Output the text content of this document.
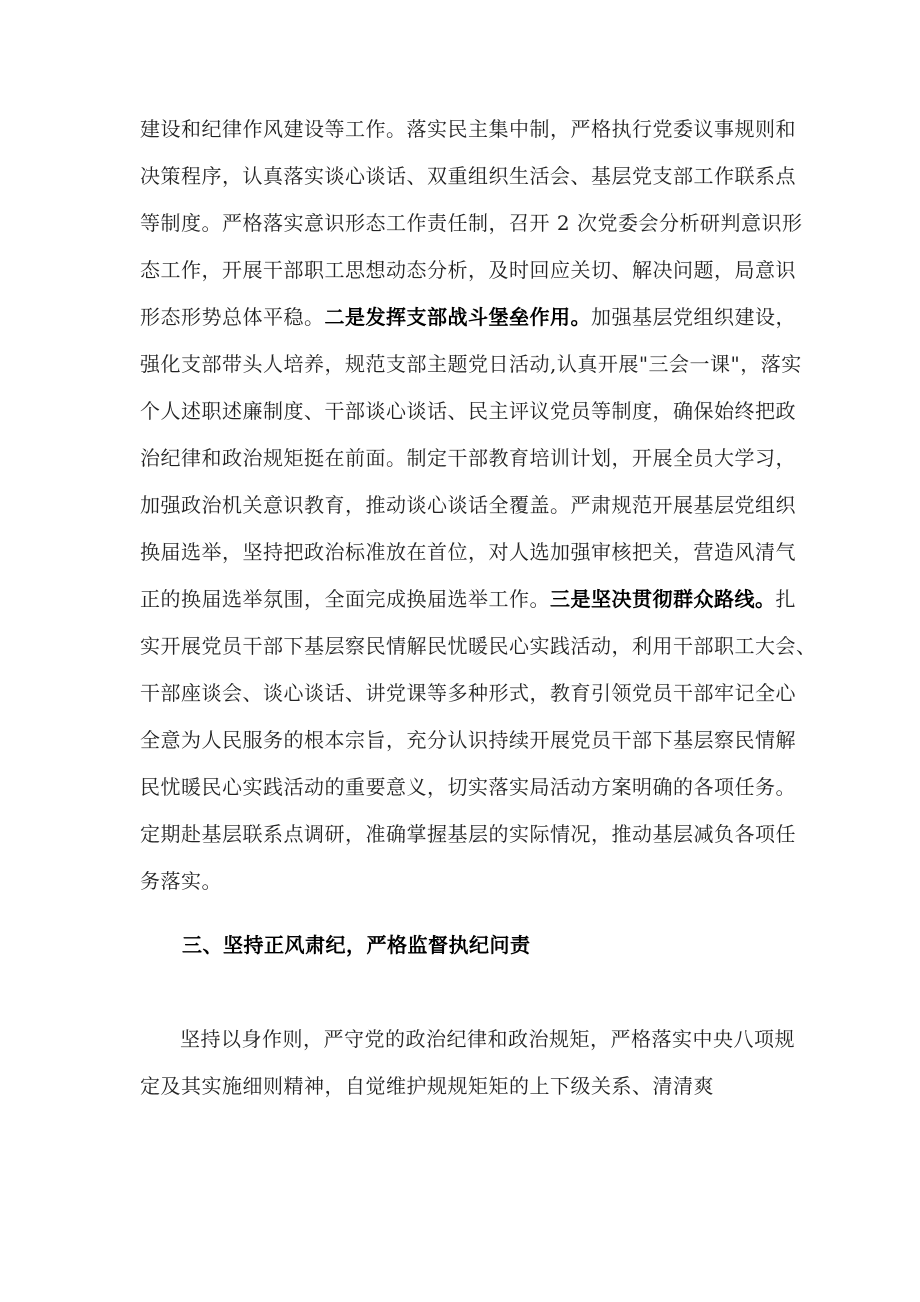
建设和纪律作风建设等工作。落实民主集中制，严格执行党委议事规则和
决策程序，认真落实谈心谈话、双重组织生活会、基层党支部工作联系点
等制度。严格落实意识形态工作责任制，召开 2 次党委会分析研判意识形
态工作，开展干部职工思想动态分析，及时回应关切、解决问题，局意识
形态形势总体平稳。二是发挥支部战斗堡垒作用。加强基层党组织建设，
强化支部带头人培养，规范支部主题党日活动,认真开展"三会一课"，落实
个人述职述廉制度、干部谈心谈话、民主评议党员等制度，确保始终把政
治纪律和政治规矩挺在前面。制定干部教育培训计划，开展全员大学习，
加强政治机关意识教育，推动谈心谈话全覆盖。严肃规范开展基层党组织
换届选举，坚持把政治标准放在首位，对人选加强审核把关，营造风清气
正的换届选举氛围，全面完成换届选举工作。三是坚决贯彻群众路线。扎
实开展党员干部下基层察民情解民忧暖民心实践活动，利用干部职工大会、
干部座谈会、谈心谈话、讲党课等多种形式，教育引领党员干部牢记全心
全意为人民服务的根本宗旨，充分认识持续开展党员干部下基层察民情解
民忧暖民心实践活动的重要意义，切实落实局活动方案明确的各项任务。
定期赴基层联系点调研，准确掌握基层的实际情况，推动基层减负各项任
务落实。
三、坚持正风肃纪，严格监督执纪问责
坚持以身作则，严守党的政治纪律和政治规矩，严格落实中央八项规
定及其实施细则精神，自觉维护规规矩矩的上下级关系、清清爽
